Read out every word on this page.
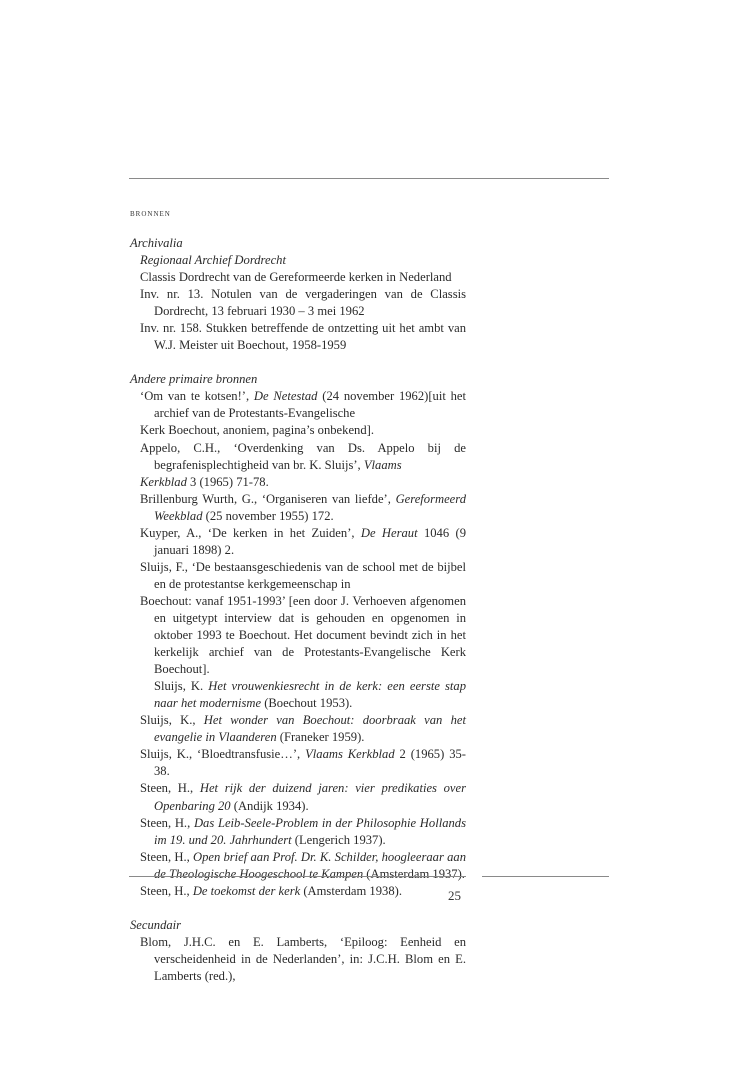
bronnen

Archivalia

Regionaal Archief Dordrecht

Classis Dordrecht van de Gereformeerde kerken in Nederland

Inv. nr. 13. Notulen van de vergaderingen van de Classis Dordrecht, 13 februari 1930 – 3 mei 1962

Inv. nr. 158. Stukken betreffende de ontzetting uit het ambt van W.J. Meister uit Boechout, 1958-1959

Andere primaire bronnen

‘Om van te kotsen!’, De Netestad (24 november 1962)[uit het archief van de Protestants-Evangelische

Kerk Boechout, anoniem, pagina’s onbekend].

Appelo, C.H., ‘Overdenking van Ds. Appelo bij de begrafenisplechtigheid van br. K. Sluijs’, Vlaams

Kerkblad 3 (1965) 71-78.

Brillenburg Wurth, G., ‘Organiseren van liefde’, Gereformeerd Weekblad (25 november 1955) 172.

Kuyper, A., ‘De kerken in het Zuiden’, De Heraut 1046 (9 januari 1898) 2.

Sluijs, F., ‘De bestaansgeschiedenis van de school met de bijbel en de protestantse kerkgemeenschap in

Boechout: vanaf 1951-1993’ [een door J. Verhoeven afgenomen en uitgetypt interview dat is gehouden en opgenomen in oktober 1993 te Boechout. Het document bevindt zich in het kerkelijk archief van de Protestants-Evangelische Kerk Boechout].

Sluijs, K. Het vrouwenkiesrecht in de kerk: een eerste stap naar het modernisme (Boechout 1953).

Sluijs, K., Het wonder van Boechout: doorbraak van het evangelie in Vlaanderen (Franeker 1959).

Sluijs, K., ‘Bloedtransfusie…’, Vlaams Kerkblad 2 (1965) 35-38.

Steen, H., Het rijk der duizend jaren: vier predikaties over Openbaring 20 (Andijk 1934).

Steen, H., Das Leib-Seele-Problem in der Philosophie Hollands im 19. und 20. Jahrhundert (Lengerich 1937).

Steen, H., Open brief aan Prof. Dr. K. Schilder, hoogleeraar aan de Theologische Hoogeschool te Kampen (Amsterdam 1937).

Steen, H., De toekomst der kerk (Amsterdam 1938).

Secundair

Blom, J.H.C. en E. Lamberts, ‘Epiloog: Eenheid en verscheidenheid in de Nederlanden’, in: J.C.H. Blom en E. Lamberts (red.),

25
